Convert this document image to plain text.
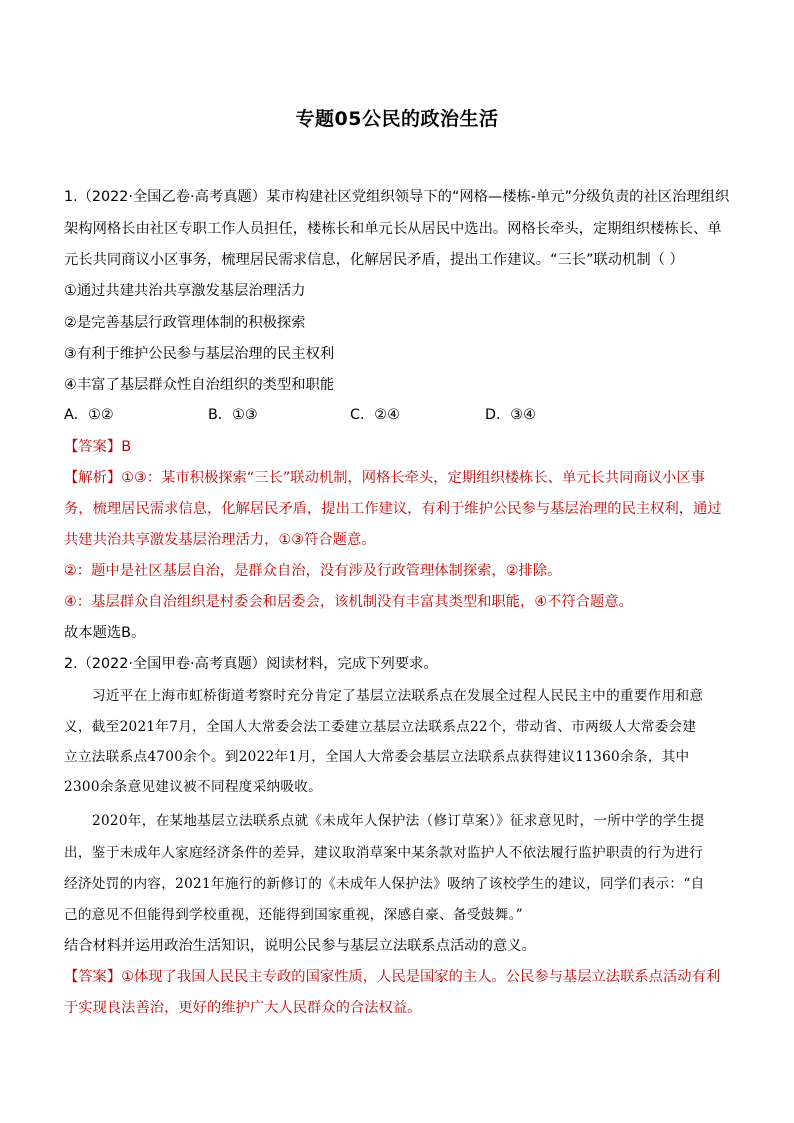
专题05公民的政治生活
1.（2022·全国乙卷·高考真题）某市构建社区党组织领导下的“网格—楼栋-单元”分级负责的社区治理组织
架构网格长由社区专职工作人员担任，楼栋长和单元长从居民中选出。网格长牵头，定期组织楼栋长、单
元长共同商议小区事务，梳理居民需求信息，化解居民矛盾，提出工作建议。“三长”联动机制（ ）
①通过共建共治共享激发基层治理活力
②是完善基层行政管理体制的积极探索
③有利于维护公民参与基层治理的民主权利
④丰富了基层群众性自治组织的类型和职能
A．①②	B．①③	C．②④	D．③④
【答案】B
【解析】①③：某市积极探索“三长”联动机制，网格长牵头，定期组织楼栋长、单元长共同商议小区事
务，梳理居民需求信息，化解居民矛盾，提出工作建议，有利于维护公民参与基层治理的民主权利，通过
共建共治共享激发基层治理活力，①③符合题意。
②：题中是社区基层自治，是群众自治，没有涉及行政管理体制探索，②排除。
④：基层群众自治组织是村委会和居委会，该机制没有丰富其类型和职能，④不符合题意。
故本题选B。
2.（2022·全国甲卷·高考真题）阅读材料，完成下列要求。
习近平在上海市虹桥街道考察时充分肯定了基层立法联系点在发展全过程人民民主中的重要作用和意
义，截至2021年7月，全国人大常委会法工委建立基层立法联系点22个，带动省、市两级人大常委会建
立立法联系点4700余个。到2022年1月，全国人大常委会基层立法联系点获得建议11360余条，其中
2300余条意见建议被不同程度采纳吸收。
2020年，在某地基层立法联系点就《未成年人保护法（修订草案）》征求意见时，一所中学的学生提
出，鉴于未成年人家庭经济条件的差异，建议取消草案中某条款对监护人不依法履行监护职责的行为进行
经济处罚的内容，2021年施行的新修订的《未成年人保护法》吸纳了该校学生的建议，同学们表示：“自
己的意见不但能得到学校重视，还能得到国家重视，深感自豪、备受鼓舞。”
结合材料并运用政治生活知识，说明公民参与基层立法联系点活动的意义。
【答案】①体现了我国人民民主专政的国家性质，人民是国家的主人。公民参与基层立法联系点活动有利
于实现良法善治，更好的维护广大人民群众的合法权益。
